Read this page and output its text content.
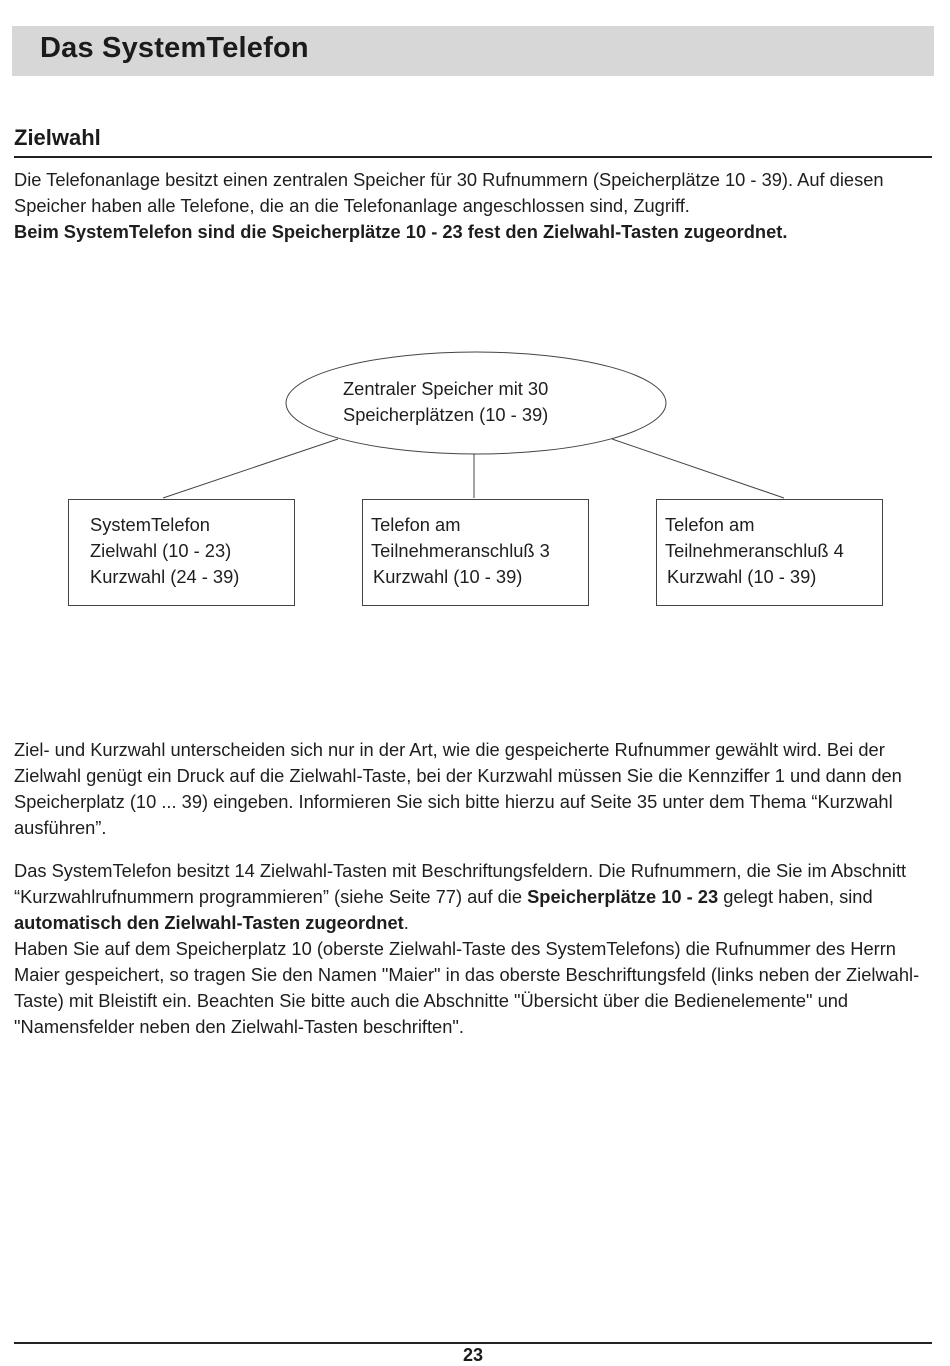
Das SystemTelefon
Zielwahl

Die Telefonanlage besitzt einen zentralen Speicher für 30 Rufnummern (Speicherplätze 10 - 39). Auf diesen Speicher haben alle Telefone, die an die Telefonanlage angeschlossen sind, Zugriff.
Beim SystemTelefon sind die Speicherplätze 10 - 23 fest den Zielwahl-Tasten zugeordnet.

Zentraler Speicher mit 30
Speicherplätzen (10 - 39)
SystemTelefon
Zielwahl (10 - 23)
Kurzwahl (24 - 39)
Telefon am
Teilnehmeranschluß 3
Kurzwahl (10 - 39)
Telefon am
Teilnehmeranschluß 4
Kurzwahl (10 - 39)

Ziel- und Kurzwahl unterscheiden sich nur in der Art, wie die gespeicherte Rufnummer gewählt wird. Bei der Zielwahl genügt ein Druck auf die Zielwahl-Taste, bei der Kurzwahl müssen Sie die Kennziffer 1 und dann den Speicherplatz (10 ... 39) eingeben. Informieren Sie sich bitte hierzu auf Seite 35 unter dem Thema “Kurzwahl ausführen”.

Das SystemTelefon besitzt 14 Zielwahl-Tasten mit Beschriftungsfeldern. Die Rufnummern, die Sie im Abschnitt “Kurzwahlrufnummern programmieren” (siehe Seite 77) auf die Speicherplätze 10 - 23 gelegt haben, sind automatisch den Zielwahl-Tasten zugeordnet.
Haben Sie auf dem Speicherplatz 10 (oberste Zielwahl-Taste des SystemTelefons) die Rufnummer des Herrn Maier gespeichert, so tragen Sie den Namen "Maier" in das oberste Beschriftungsfeld (links neben der Zielwahl-Taste) mit Bleistift ein. Beachten Sie bitte auch die Abschnitte "Übersicht über die Bedienelemente" und "Namensfelder neben den Zielwahl-Tasten beschriften".

23
